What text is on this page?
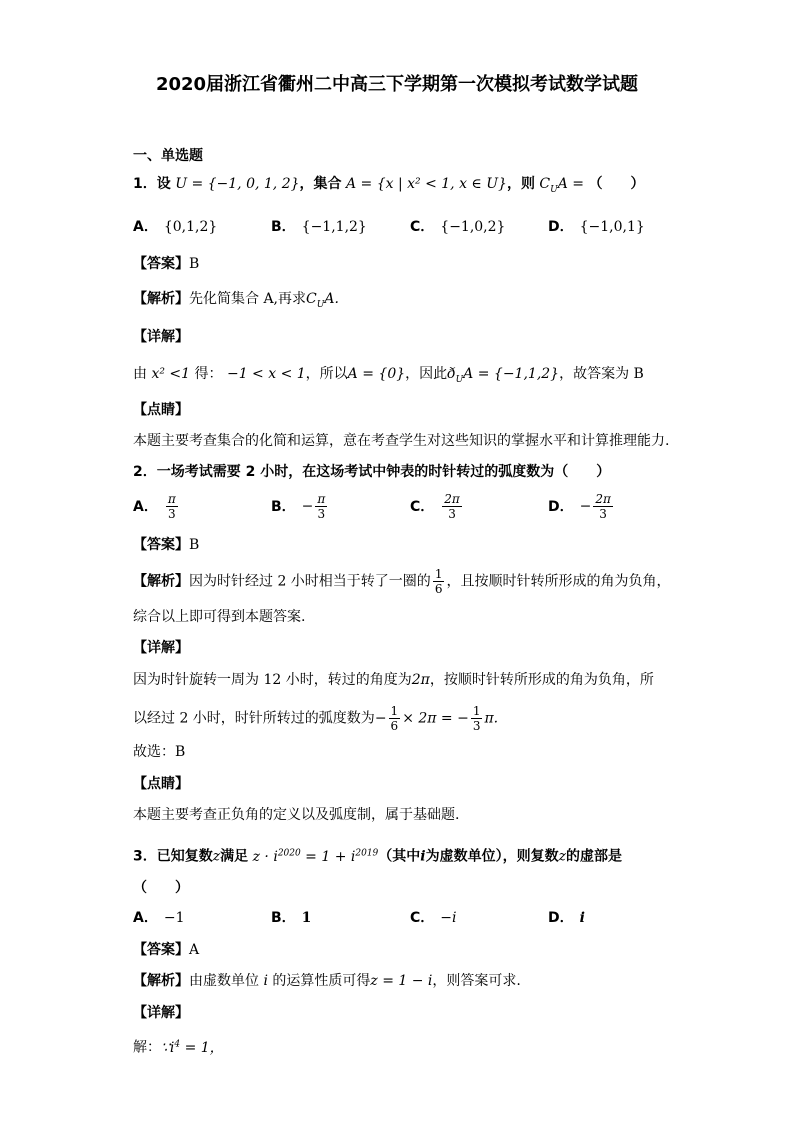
2020届浙江省衢州二中高三下学期第一次模拟考试数学试题
一、单选题
1．设 U = {−1, 0, 1, 2}，集合 A = {x | x² < 1, x ∈ U}，则 $C_UA$ = （　　）
A． {0,1,2}	B． {−1,1,2}	C． {−1,0,2}	D． {−1,0,1}
【答案】B
【解析】先化简集合 A,再求$C_UA$.
【详解】
由 x² <1 得： −1 < x < 1，所以A = {0}，因此$ð_UA = \{-1,1,2\}$，故答案为 B
【点睛】
本题主要考查集合的化简和运算，意在考查学生对这些知识的掌握水平和计算推理能力.
2．一场考试需要 2 小时，在这场考试中钟表的时针转过的弧度数为（　　）
A． $\frac{\pi}{3}$	B． − $\frac{\pi}{3}$	C． $\frac{2\pi}{3}$	D． − $\frac{2\pi}{3}$
【答案】B
【解析】因为时针经过 2 小时相当于转了一圈的 $\frac{1}{6}$ ，且按顺时针转所形成的角为负角，
综合以上即可得到本题答案.
【详解】
因为时针旋转一周为 12 小时，转过的角度为2π，按顺时针转所形成的角为负角，所
以经过 2 小时，时针所转过的弧度数为− $\frac{1}{6} \times 2\pi$ = − $\frac{1}{3} \pi$.
故选：B
【点睛】
本题主要考查正负角的定义以及弧度制，属于基础题.
3．已知复数z满足 $z \cdot i^{2020} = 1 + i^{2019}$（其中i为虚数单位），则复数z的虚部是
（　　）
A． −1	B． 1	C． −i	D． i
【答案】A
【解析】由虚数单位 i 的运算性质可得z = 1 − i，则答案可求.
【详解】
解：$\because i^4 = 1$，
